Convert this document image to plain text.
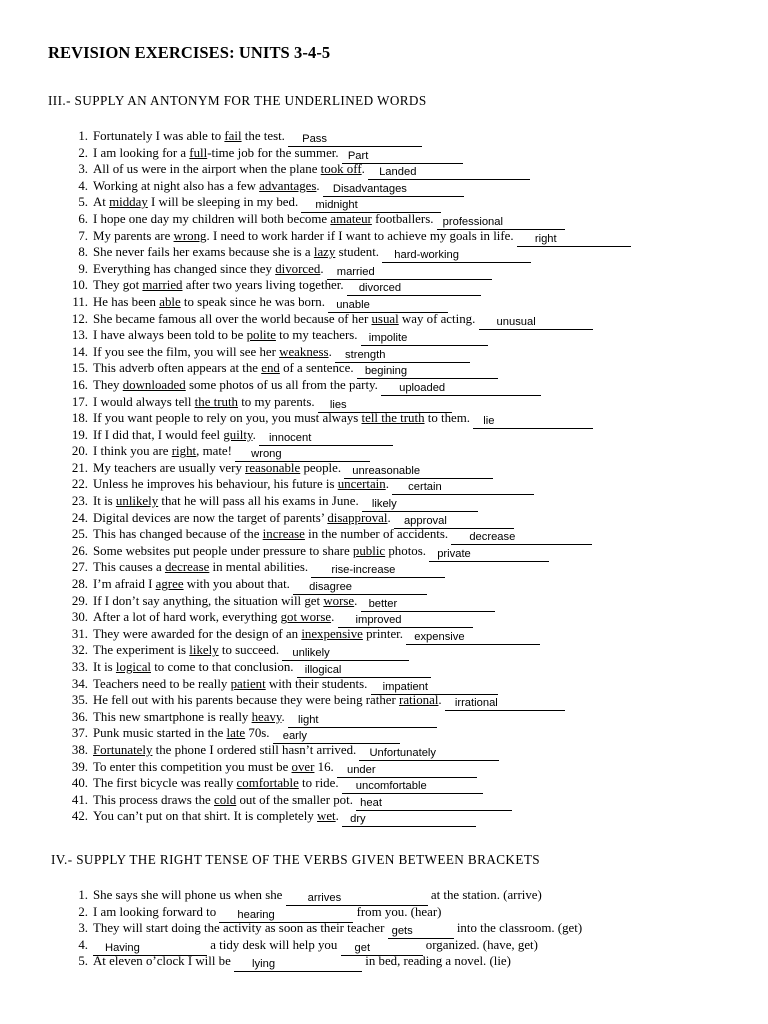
REVISION EXERCISES: UNITS 3-4-5
III.- SUPPLY AN ANTONYM FOR THE UNDERLINED WORDS
1. Fortunately I was able to fail the test. Pass
2. I am looking for a full-time job for the summer. Part
3. All of us were in the airport when the plane took off. Landed
4. Working at night also has a few advantages. Disadvantages
5. At midday I will be sleeping in my bed. midnight
6. I hope one day my children will both become amateur footballers. professional
7. My parents are wrong. I need to work harder if I want to achieve my goals in life. right
8. She never fails her exams because she is a lazy student. hard-working
9. Everything has changed since they divorced. married
10. They got married after two years living together. divorced
11. He has been able to speak since he was born. unable
12. She became famous all over the world because of her usual way of acting. unusual
13. I have always been told to be polite to my teachers. impolite
14. If you see the film, you will see her weakness. strength
15. This adverb often appears at the end of a sentence. begining
16. They downloaded some photos of us all from the party. uploaded
17. I would always tell the truth to my parents. lies
18. If you want people to rely on you, you must always tell the truth to them. lie
19. If I did that, I would feel guilty. innocent
20. I think you are right, mate! wrong
21. My teachers are usually very reasonable people. unreasonable
22. Unless he improves his behaviour, his future is uncertain. certain
23. It is unlikely that he will pass all his exams in June. likely
24. Digital devices are now the target of parents’ disapproval. approval
25. This has changed because of the increase in the number of accidents. decrease
26. Some websites put people under pressure to share public photos. private
27. This causes a decrease in mental abilities. rise-increase
28. I’m afraid I agree with you about that. disagree
29. If I don’t say anything, the situation will get worse. better
30. After a lot of hard work, everything got worse. improved
31. They were awarded for the design of an inexpensive printer. expensive
32. The experiment is likely to succeed. unlikely
33. It is logical to come to that conclusion. illogical
34. Teachers need to be really patient with their students. impatient
35. He fell out with his parents because they were being rather rational. irrational
36. This new smartphone is really heavy. light
37. Punk music started in the late 70s. early
38. Fortunately the phone I ordered still hasn’t arrived. Unfortunately
39. To enter this competition you must be over 16. under
40. The first bicycle was really comfortable to ride. uncomfortable
41. This process draws the cold out of the smaller pot. heat
42. You can’t put on that shirt. It is completely wet. dry
IV.- SUPPLY THE RIGHT TENSE OF THE VERBS GIVEN BETWEEN BRACKETS
1. She says she will phone us when she arrives	at the station. (arrive)
2. I am looking forward to hearing	from you. (hear)
3. They will start doing the activity as soon as their teacher gets	into the classroom. (get)
4. Having	a tidy desk will help you get	organized. (have, get)
5. At eleven o’clock I will be lying	in bed, reading a novel. (lie)
